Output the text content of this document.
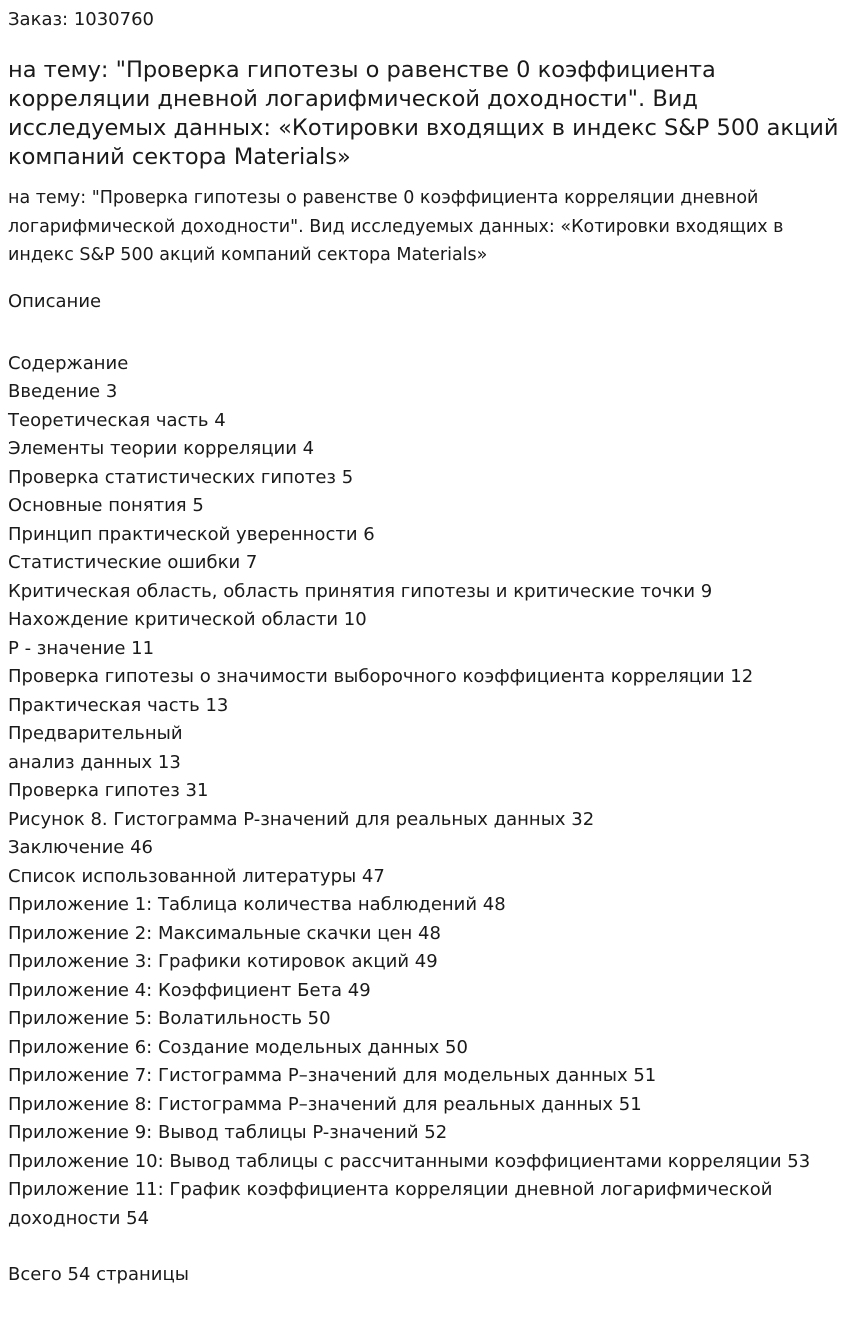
Заказ: 1030760
на тему: "Проверка гипотезы о равенстве 0 коэффициента корреляции дневной логарифмической доходности". Вид исследуемых данных: «Котировки входящих в индекс S&P 500 акций компаний сектора Materials»
на тему: "Проверка гипотезы о равенстве 0 коэффициента корреляции дневной логарифмической доходности". Вид исследуемых данных: «Котировки входящих в индекс S&P 500 акций компаний сектора Materials»
Описание
Содержание
Введение 3
Теоретическая часть 4
Элементы теории корреляции 4
Проверка статистических гипотез 5
Основные понятия 5
Принцип практической уверенности 6
Статистические ошибки 7
Критическая область, область принятия гипотезы и критические точки 9
Нахождение критической области 10
P - значение 11
Проверка гипотезы о значимости выборочного коэффициента корреляции 12
Практическая часть 13
Предварительный
анализ данных 13
Проверка гипотез 31
Рисунок 8. Гистограмма P-значений для реальных данных 32
Заключение 46
Список использованной литературы 47
Приложение 1: Таблица количества наблюдений 48
Приложение 2: Максимальные скачки цен 48
Приложение 3: Графики котировок акций 49
Приложение 4: Коэффициент Бета 49
Приложение 5: Волатильность 50
Приложение 6: Создание модельных данных 50
Приложение 7: Гистограмма P–значений для модельных данных 51
Приложение 8: Гистограмма P–значений для реальных данных 51
Приложение 9: Вывод таблицы P-значений 52
Приложение 10: Вывод таблицы с рассчитанными коэффициентами корреляции 53
Приложение 11: График коэффициента корреляции дневной логарифмической доходности 54
Всего 54 страницы
